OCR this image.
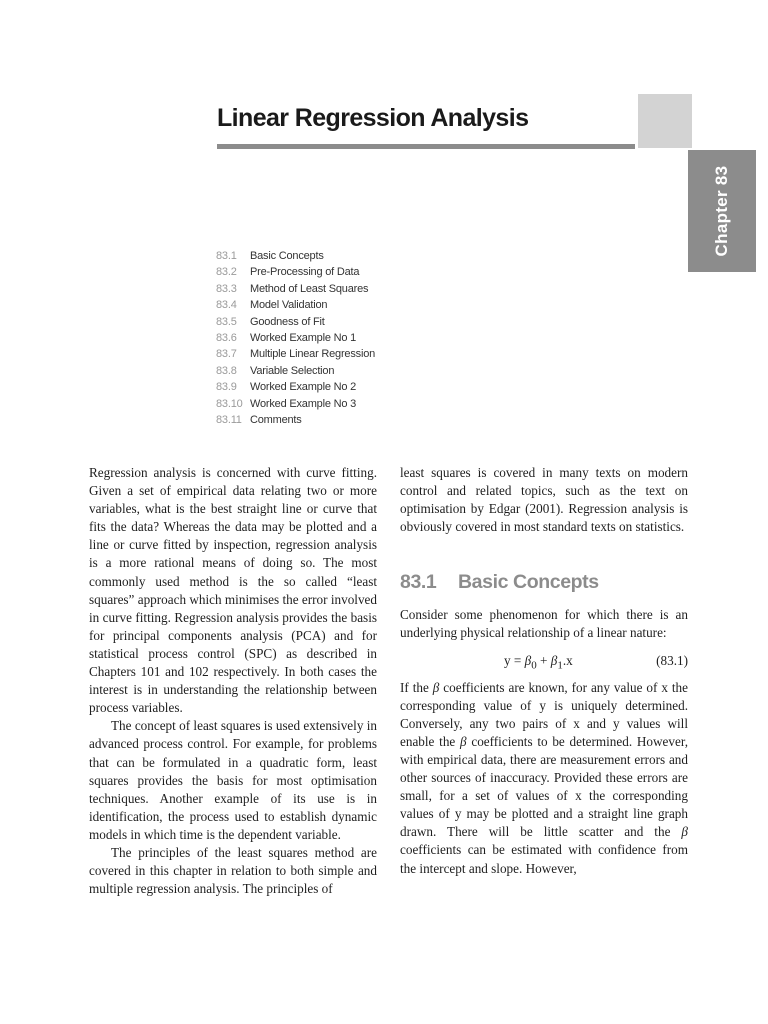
Chapter 83
Linear Regression Analysis
83.1 Basic Concepts
83.2 Pre-Processing of Data
83.3 Method of Least Squares
83.4 Model Validation
83.5 Goodness of Fit
83.6 Worked Example No 1
83.7 Multiple Linear Regression
83.8 Variable Selection
83.9 Worked Example No 2
83.10 Worked Example No 3
83.11 Comments

Regression analysis is concerned with curve fitting. Given a set of empirical data relating two or more variables, what is the best straight line or curve that fits the data? Whereas the data may be plotted and a line or curve fitted by inspection, regression analysis is a more rational means of doing so. The most commonly used method is the so called “least squares” approach which minimises the error involved in curve fitting. Regression analysis provides the basis for principal components analysis (PCA) and for statistical process control (SPC) as described in Chapters 101 and 102 respectively. In both cases the interest is in understanding the relationship between process variables.

The concept of least squares is used extensively in advanced process control. For example, for problems that can be formulated in a quadratic form, least squares provides the basis for most optimisation techniques. Another example of its use is in identification, the process used to establish dynamic models in which time is the dependent variable.

The principles of the least squares method are covered in this chapter in relation to both simple and multiple regression analysis. The principles of

least squares is covered in many texts on modern control and related topics, such as the text on optimisation by Edgar (2001). Regression analysis is obviously covered in most standard texts on statistics.

83.1 Basic Concepts

Consider some phenomenon for which there is an underlying physical relationship of a linear nature:

$y = \beta_0 + \beta_1.x$	(83.1)

If the β coefficients are known, for any value of x the corresponding value of y is uniquely determined. Conversely, any two pairs of x and y values will enable the β coefficients to be determined. However, with empirical data, there are measurement errors and other sources of inaccuracy. Provided these errors are small, for a set of values of x the corresponding values of y may be plotted and a straight line graph drawn. There will be little scatter and the β coefficients can be estimated with confidence from the intercept and slope. However,
